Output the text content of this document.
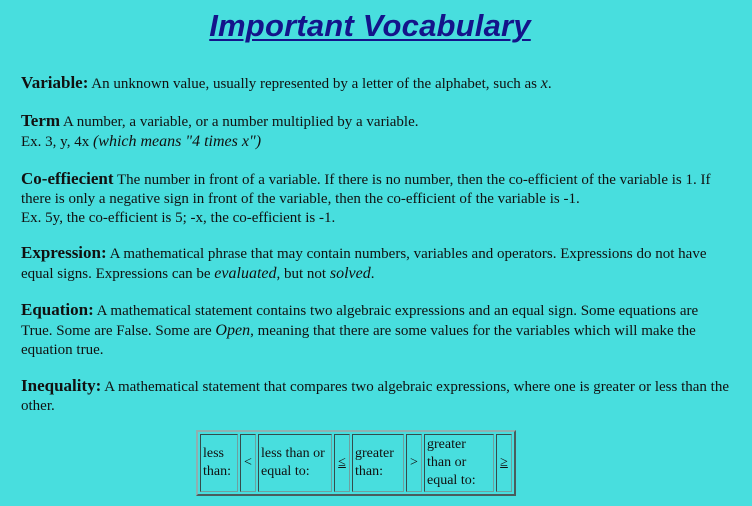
Important Vocabulary
Variable: An unknown value, usually represented by a letter of the alphabet, such as x.
Term A number, a variable, or a number multiplied by a variable.
Ex. 3, y, 4x (which means "4 times x")
Co-effiecient The number in front of a variable. If there is no number, then the co-efficient of the variable is 1. If there is only a negative sign in front of the variable, then the co-efficient of the variable is -1.
Ex. 5y, the co-efficient is 5; -x, the co-efficient is -1.
Expression: A mathematical phrase that may contain numbers, variables and operators. Expressions do not have equal signs. Expressions can be evaluated, but not solved.
Equation: A mathematical statement contains two algebraic expressions and an equal sign. Some equations are True. Some are False. Some are Open, meaning that there are some values for the variables which will make the equation true.
Inequality: A mathematical statement that compares two algebraic expressions, where one is greater or less than the other.
less than:	<	less than or equal to:	≤	greater than:	>	greater than or equal to:	≥
